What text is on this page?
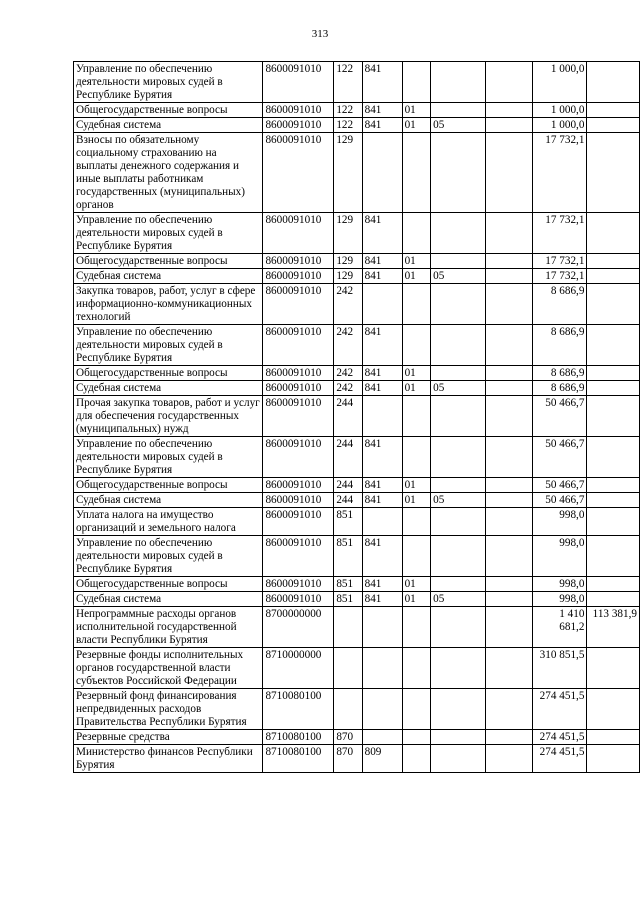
313
Управление по обеспечению деятельности мировых судей в Республике Бурятия	8600091010	122	841				1 000,0	
Общегосударственные вопросы	8600091010	122	841	01			1 000,0	
Судебная система	8600091010	122	841	01	05		1 000,0	
Взносы по обязательному социальному страхованию на выплаты денежного содержания и иные выплаты работникам государственных (муниципальных) органов	8600091010	129					17 732,1	
Управление по обеспечению деятельности мировых судей в Республике Бурятия	8600091010	129	841				17 732,1	
Общегосударственные вопросы	8600091010	129	841	01			17 732,1	
Судебная система	8600091010	129	841	01	05		17 732,1	
Закупка товаров, работ, услуг в сфере информационно-коммуникационных технологий	8600091010	242					8 686,9	
Управление по обеспечению деятельности мировых судей в Республике Бурятия	8600091010	242	841				8 686,9	
Общегосударственные вопросы	8600091010	242	841	01			8 686,9	
Судебная система	8600091010	242	841	01	05		8 686,9	
Прочая закупка товаров, работ и услуг для обеспечения государственных (муниципальных) нужд	8600091010	244					50 466,7	
Управление по обеспечению деятельности мировых судей в Республике Бурятия	8600091010	244	841				50 466,7	
Общегосударственные вопросы	8600091010	244	841	01			50 466,7	
Судебная система	8600091010	244	841	01	05		50 466,7	
Уплата налога на имущество организаций и земельного налога	8600091010	851					998,0	
Управление по обеспечению деятельности мировых судей в Республике Бурятия	8600091010	851	841				998,0	
Общегосударственные вопросы	8600091010	851	841	01			998,0	
Судебная система	8600091010	851	841	01	05		998,0	
Непрограммные расходы органов исполнительной государственной власти Республики Бурятия	8700000000						1 410 681,2	113 381,9
Резервные фонды исполнительных органов государственной власти субъектов Российской Федерации	8710000000						310 851,5	
Резервный фонд финансирования непредвиденных расходов Правительства Республики Бурятия	8710080100						274 451,5	
Резервные средства	8710080100	870					274 451,5	
Министерство финансов Республики Бурятия	8710080100	870	809				274 451,5	
